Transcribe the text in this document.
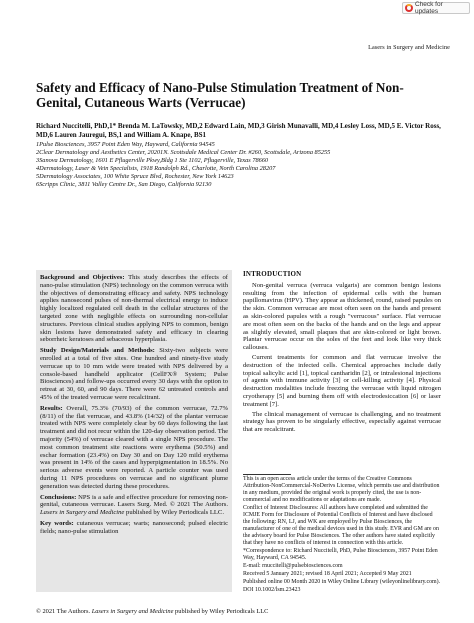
Check for updates
Lasers in Surgery and Medicine
Safety and Efficacy of Nano-Pulse Stimulation Treatment of Non-Genital, Cutaneous Warts (Verrucae)
Richard Nuccitelli, PhD,1* Brenda M. LaTowsky, MD,2 Edward Lain, MD,3 Girish Munavalli, MD,4 Lesley Loss, MD,5 E. Victor Ross, MD,6 Lauren Jauregui, BS,1 and William A. Knape, BS1
1Pulse Biosciences, 3957 Point Eden Way, Hayward, California 94545
2Clear Dermatology and Aesthetics Center, 20201N. Scottsdale Medical Center Dr. #260, Scottsdale, Arizona 85255
3Sanova Dermatology, 1601 E Pflugerville Pkwy,Bldg 1 Ste 1102, Pflugerville, Texas 78660
4Dermatology, Laser & Vein Specialists, 1918 Randolph Rd., Charlotte, North Carolina 28207
5Dermatology Associates, 100 White Spruce Blvd, Rochester, New York 14623
6Scripps Clinic, 3811 Valley Centre Dr., San Diego, California 92130

Background and Objectives: This study describes the effects of nano-pulse stimulation (NPS) technology on the common verruca with the objectives of demonstrating efficacy and safety. NPS technology applies nanosecond pulses of non-thermal electrical energy to induce highly localized regulated cell death in the cellular structures of the targeted zone with negligible effects on surrounding non-cellular structures. Previous clinical studies applying NPS to common, benign skin lesions have demonstrated safety and efficacy in clearing seborrheic keratoses and sebaceous hyperplasia.

Study Design/Materials and Methods: Sixty-two subjects were enrolled at a total of five sites. One hundred and ninety-five study verrucae up to 10 mm wide were treated with NPS delivered by a console-based handheld applicator (CellFX® System; Pulse Biosciences) and follow-ups occurred every 30 days with the option to retreat at 30, 60, and 90 days. There were 62 untreated controls and 45% of the treated verrucae were recalcitrant.

Results: Overall, 75.3% (70/93) of the common verrucae, 72.7% (8/11) of the flat verrucae, and 43.8% (14/32) of the plantar verrucae treated with NPS were completely clear by 60 days following the last treatment and did not recur within the 120-day observation period. The majority (54%) of verrucae cleared with a single NPS procedure. The most common treatment site reactions were erythema (50.5%) and eschar formation (23.4%) on Day 30 and on Day 120 mild erythema was present in 14% of the cases and hyperpigmentation in 18.5%. No serious adverse events were reported. A particle counter was used during 11 NPS procedures on verrucae and no significant plume generation was detected during these procedures.

Conclusions: NPS is a safe and effective procedure for removing non-genital, cutaneous verrucae. Lasers Surg. Med. © 2021 The Authors. Lasers in Surgery and Medicine published by Wiley Periodicals LLC.

Key words: cutaneous verrucae; warts; nanosecond; pulsed electric fields; nano-pulse stimulation

INTRODUCTION

Non-genital verruca (verruca vulgaris) are common benign lesions resulting from the infection of epidermal cells with the human papillomavirus (HPV). They appear as thickened, round, raised papules on the skin. Common verrucae are most often seen on the hands and present as skin-colored papules with a rough "verrucous" surface. Flat verrucae are most often seen on the backs of the hands and on the legs and appear as slightly elevated, small plaques that are skin-colored or light brown. Plantar verrucae occur on the soles of the feet and look like very thick callouses.

Current treatments for common and flat verrucae involve the destruction of the infected cells. Chemical approaches include daily topical salicylic acid [1], topical cantharidin [2], or intralesional injections of agents with immune activity [3] or cell-killing activity [4]. Physical destruction modalities include freezing the verrucae with liquid nitrogen cryotherapy [5] and burning them off with electrodesiccation [6] or laser treatment [7].

The clinical management of verrucae is challenging, and no treatment strategy has proven to be singularly effective, especially against verrucae that are recalcitrant.

This is an open access article under the terms of the Creative Commons Attribution-NonCommercial-NoDerivs License, which permits use and distribution in any medium, provided the original work is properly cited, the use is non-commercial and no modifications or adaptations are made.

Conflict of Interest Disclosures: All authors have completed and submitted the ICMJE Form for Disclosure of Potential Conflicts of Interest and have disclosed the following: RN, LJ, and WK are employed by Pulse Biosciences, the manufacturer of one of the medical devices used in this study. EVR and GM are on the advisory board for Pulse Biosciences. The other authors have stated explicitly that they have no conflicts of interest in connection with this article.

*Correspondence to: Richard Nuccitelli, PhD, Pulse Biosciences, 3957 Point Eden Way, Hayward, CA 94545.

E-mail: rnuccitelli@pulsebiosciences.com

Received 5 January 2021; revised 18 April 2021; Accepted 9 May 2021

Published online 00 Month 2020 in Wiley Online Library (wileyonlinelibrary.com).

DOI 10.1002/lsm.23423

© 2021 The Authors. Lasers in Surgery and Medicine published by Wiley Periodicals LLC
